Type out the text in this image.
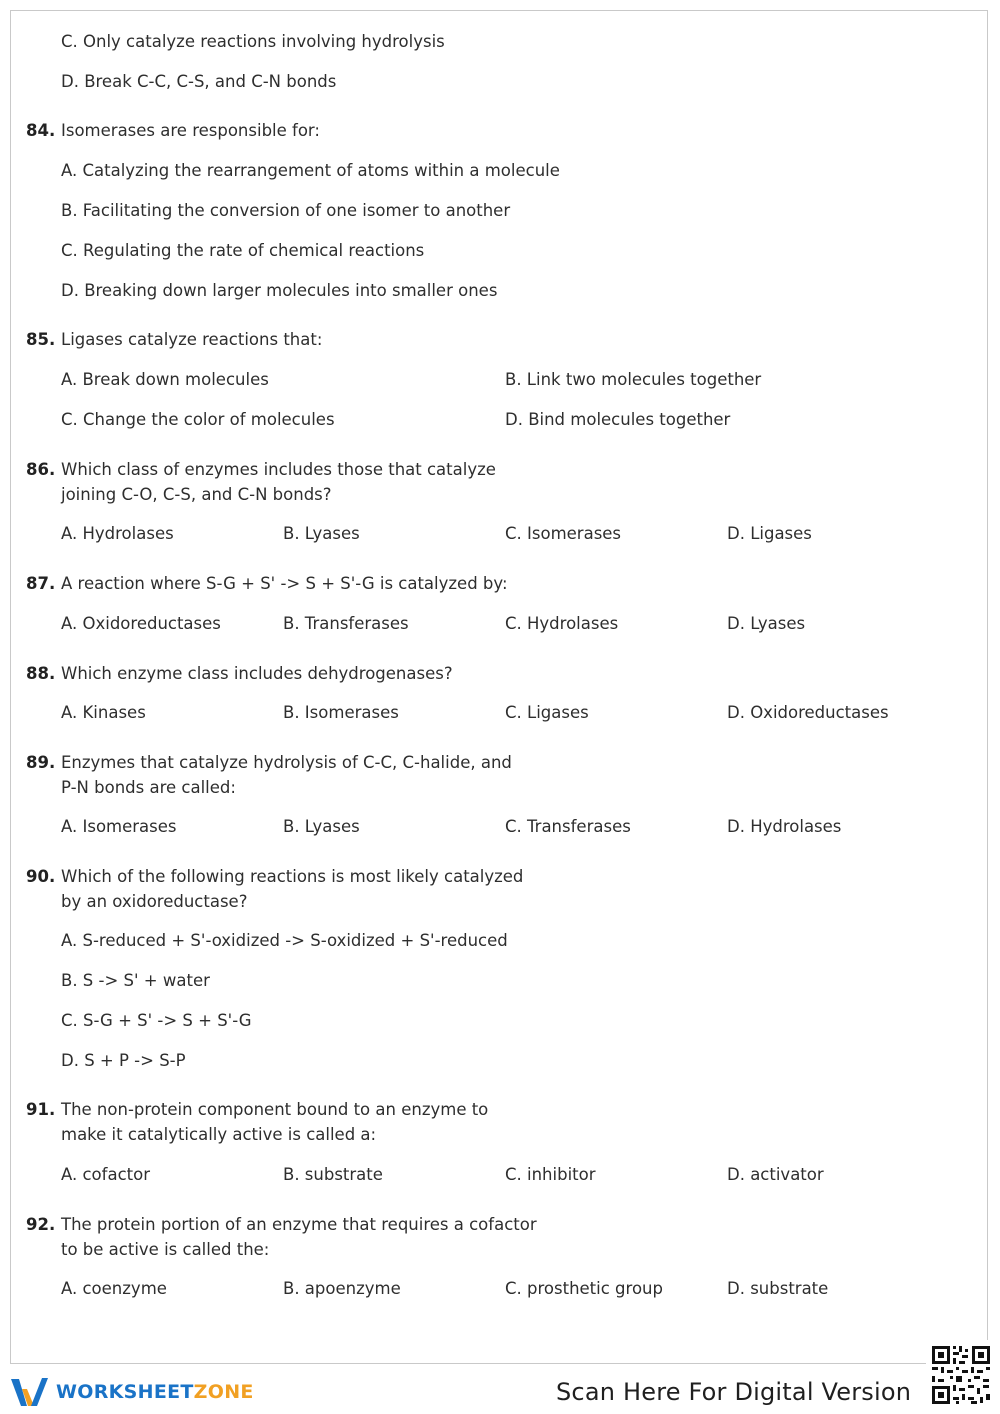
C. Only catalyze reactions involving hydrolysis
D. Break C-C, C-S, and C-N bonds
84. Isomerases are responsible for:
A. Catalyzing the rearrangement of atoms within a molecule
B. Facilitating the conversion of one isomer to another
C. Regulating the rate of chemical reactions
D. Breaking down larger molecules into smaller ones
85. Ligases catalyze reactions that:
A. Break down molecules	B. Link two molecules together
C. Change the color of molecules	D. Bind molecules together
86. Which class of enzymes includes those that catalyze
joining C-O, C-S, and C-N bonds?
A. Hydrolases	B. Lyases	C. Isomerases	D. Ligases
87. A reaction where S-G + S' -> S + S'-G is catalyzed by:
A. Oxidoreductases	B. Transferases	C. Hydrolases	D. Lyases
88. Which enzyme class includes dehydrogenases?
A. Kinases	B. Isomerases	C. Ligases	D. Oxidoreductases
89. Enzymes that catalyze hydrolysis of C-C, C-halide, and
P-N bonds are called:
A. Isomerases	B. Lyases	C. Transferases	D. Hydrolases
90. Which of the following reactions is most likely catalyzed
by an oxidoreductase?
A. S-reduced + S'-oxidized -> S-oxidized + S'-reduced
B. S -> S' + water
C. S-G + S' -> S + S'-G
D. S + P -> S-P
91. The non-protein component bound to an enzyme to
make it catalytically active is called a:
A. cofactor	B. substrate	C. inhibitor	D. activator
92. The protein portion of an enzyme that requires a cofactor
to be active is called the:
A. coenzyme	B. apoenzyme	C. prosthetic group	D. substrate
WORKSHEETZONE	Scan Here For Digital Version
